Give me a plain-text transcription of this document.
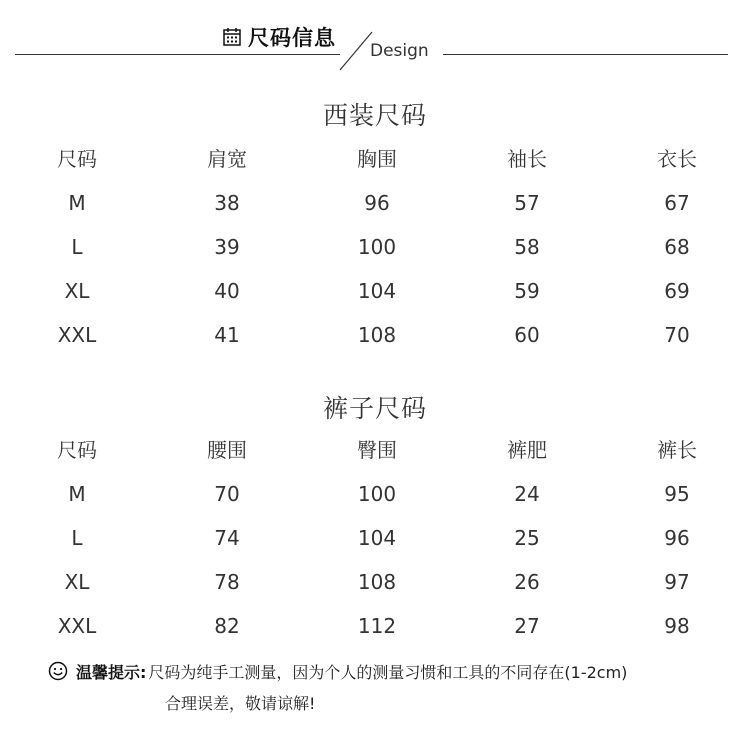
尺码信息
Design
西装尺码
尺码	肩宽	胸围	袖长	衣长
M	38	96	57	67
L	39	100	58	68
XL	40	104	59	69
XXL	41	108	60	70
裤子尺码
尺码	腰围	臀围	裤肥	裤长
M	70	100	24	95
L	74	104	25	96
XL	78	108	26	97
XXL	82	112	27	98
温馨提示: 尺码为纯手工测量，因为个人的测量习惯和工具的不同存在(1-2cm)
合理误差，敬请谅解!
